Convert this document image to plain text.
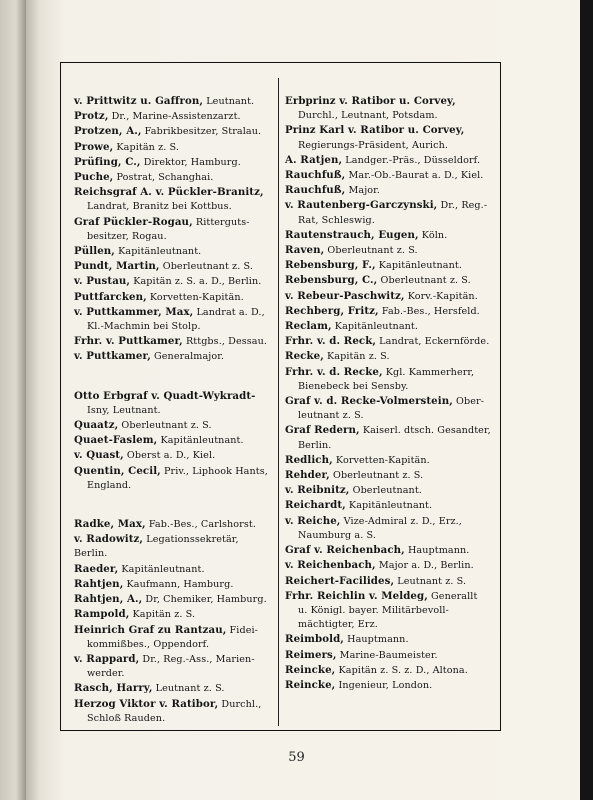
v. Prittwitz u. Gaffron, Leutnant.
Protz, Dr., Marine-Assistenzarzt.
Protzen, A., Fabrikbesitzer, Stralau.
Prowe, Kapitän z. S.
Prüfing, C., Direktor, Hamburg.
Puche, Postrat, Schanghai.
Reichsgraf A. v. Pückler-Branitz,
Landrat, Branitz bei Kottbus.
Graf Pückler-Rogau, Ritterguts-
besitzer, Rogau.
Püllen, Kapitänleutnant.
Pundt, Martin, Oberleutnant z. S.
v. Pustau, Kapitän z. S. a. D., Berlin.
Puttfarcken, Korvetten-Kapitän.
v. Puttkammer, Max, Landrat a. D.,
Kl.-Machmin bei Stolp.
Frhr. v. Puttkamer, Rttgbs., Dessau.
v. Puttkamer, Generalmajor.
Otto Erbgraf v. Quadt-Wykradt-
Isny, Leutnant.
Quaatz, Oberleutnant z. S.
Quaet-Faslem, Kapitänleutnant.
v. Quast, Oberst a. D., Kiel.
Quentin, Cecil, Priv., Liphook Hants,
England.
Radke, Max, Fab.-Bes., Carlshorst.
v. Radowitz, Legationssekretär, Berlin.
Raeder, Kapitänleutnant.
Rahtjen, Kaufmann, Hamburg.
Rahtjen, A., Dr, Chemiker, Hamburg.
Rampold, Kapitän z. S.
Heinrich Graf zu Rantzau, Fidei-
kommißbes., Oppendorf.
v. Rappard, Dr., Reg.-Ass., Marien-
werder.
Rasch, Harry, Leutnant z. S.
Herzog Viktor v. Ratibor, Durchl.,
Schloß Rauden.
Erbprinz v. Ratibor u. Corvey,
Durchl., Leutnant, Potsdam.
Prinz Karl v. Ratibor u. Corvey,
Regierungs-Präsident, Aurich.
A. Ratjen, Landger.-Präs., Düsseldorf.
Rauchfuß, Mar.-Ob.-Baurat a. D., Kiel.
Rauchfuß, Major.
v. Rautenberg-Garczynski, Dr., Reg.-
Rat, Schleswig.
Rautenstrauch, Eugen, Köln.
Raven, Oberleutnant z. S.
Rebensburg, F., Kapitänleutnant.
Rebensburg, C., Oberleutnant z. S.
v. Rebeur-Paschwitz, Korv.-Kapitän.
Rechberg, Fritz, Fab.-Bes., Hersfeld.
Reclam, Kapitänleutnant.
Frhr. v. d. Reck, Landrat, Eckernförde.
Recke, Kapitän z. S.
Frhr. v. d. Recke, Kgl. Kammerherr,
Bienebeck bei Sensby.
Graf v. d. Recke-Volmerstein, Ober-
leutnant z. S.
Graf Redern, Kaiserl. dtsch. Gesandter,
Berlin.
Redlich, Korvetten-Kapitän.
Rehder, Oberleutnant z. S.
v. Reibnitz, Oberleutnant.
Reichardt, Kapitänleutnant.
v. Reiche, Vize-Admiral z. D., Erz.,
Naumburg a. S.
Graf v. Reichenbach, Hauptmann.
v. Reichenbach, Major a. D., Berlin.
Reichert-Facilides, Leutnant z. S.
Frhr. Reichlin v. Meldeg, Generallt
u. Königl. bayer. Militärbevoll-
mächtigter, Erz.
Reimbold, Hauptmann.
Reimers, Marine-Baumeister.
Reincke, Kapitän z. S. z. D., Altona.
Reincke, Ingenieur, London.
59
